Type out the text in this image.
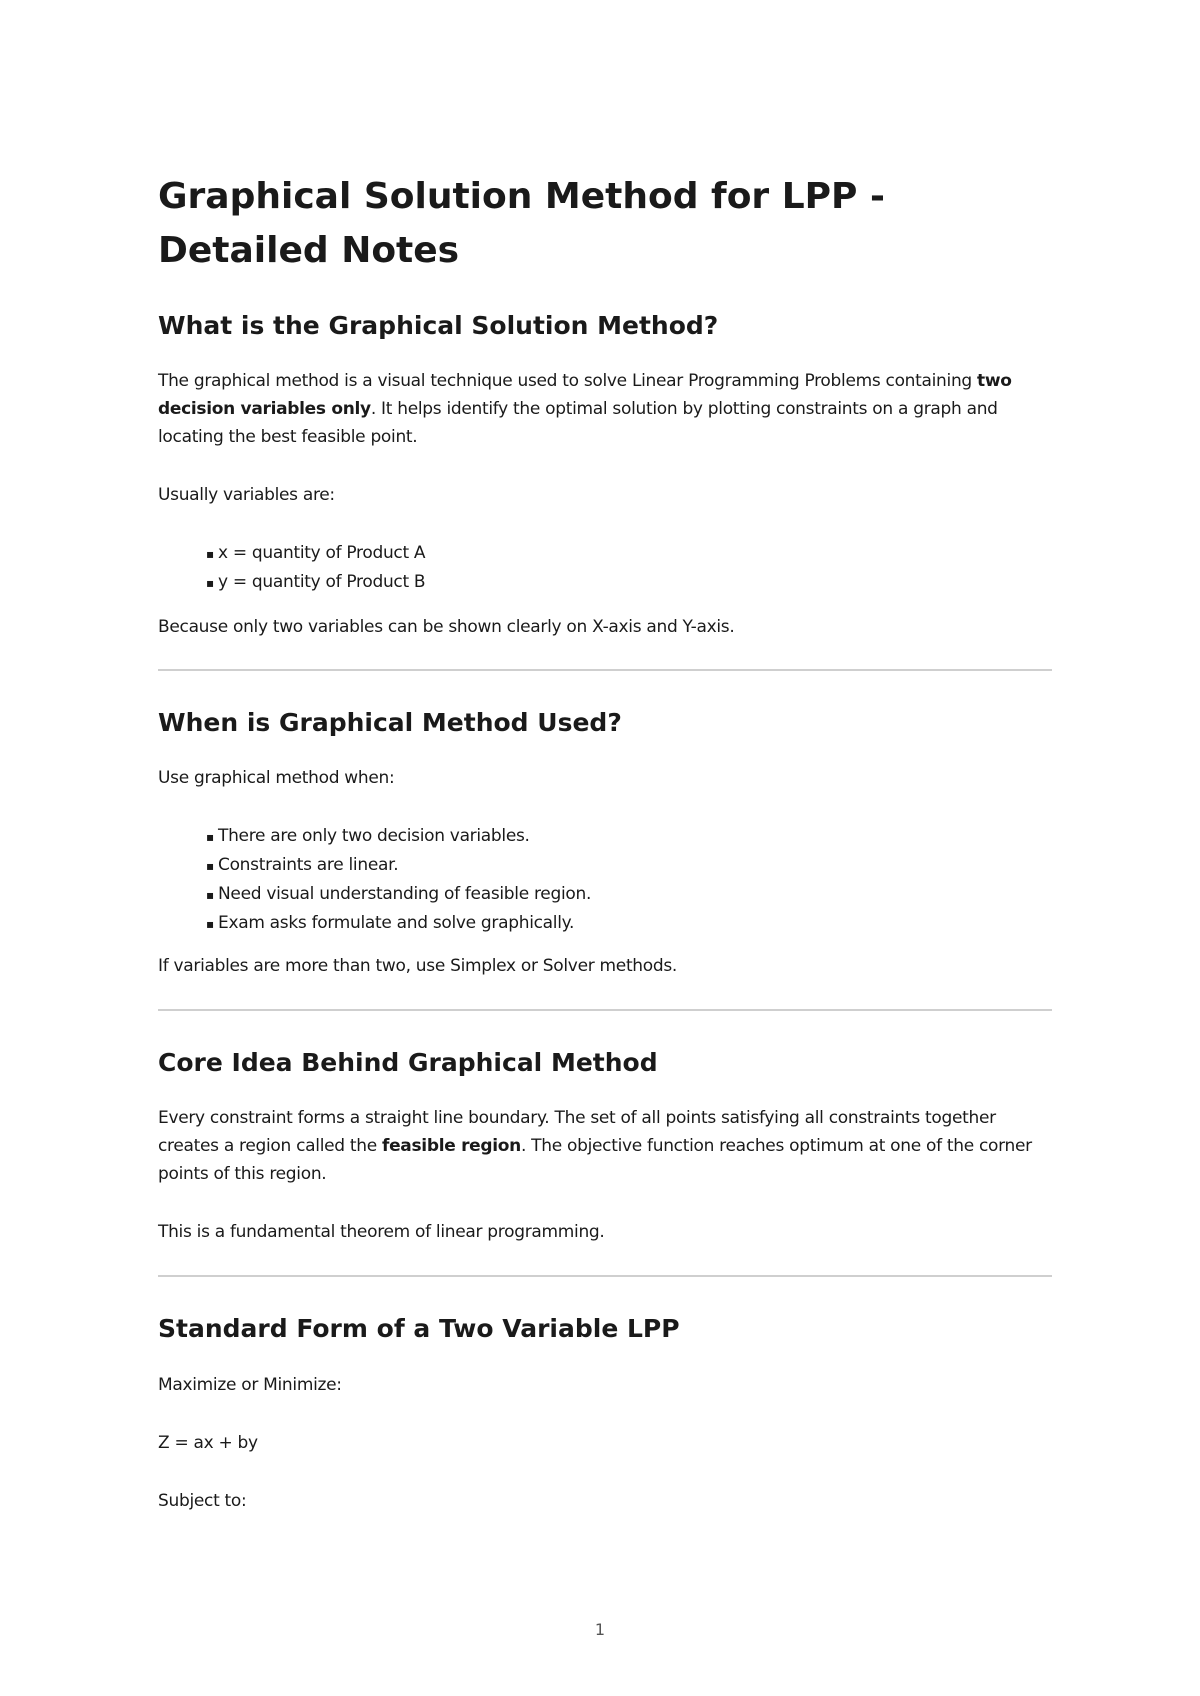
Graphical Solution Method for LPP - Detailed Notes
What is the Graphical Solution Method?

The graphical method is a visual technique used to solve Linear Programming Problems containing two decision variables only. It helps identify the optimal solution by plotting constraints on a graph and locating the best feasible point.

Usually variables are:

▪ x = quantity of Product A
▪ y = quantity of Product B

Because only two variables can be shown clearly on X-axis and Y-axis.

When is Graphical Method Used?

Use graphical method when:

▪ There are only two decision variables.
▪ Constraints are linear.
▪ Need visual understanding of feasible region.
▪ Exam asks formulate and solve graphically.

If variables are more than two, use Simplex or Solver methods.

Core Idea Behind Graphical Method

Every constraint forms a straight line boundary. The set of all points satisfying all constraints together creates a region called the feasible region. The objective function reaches optimum at one of the corner points of this region.

This is a fundamental theorem of linear programming.

Standard Form of a Two Variable LPP

Maximize or Minimize:

Z = ax + by

Subject to:

1
